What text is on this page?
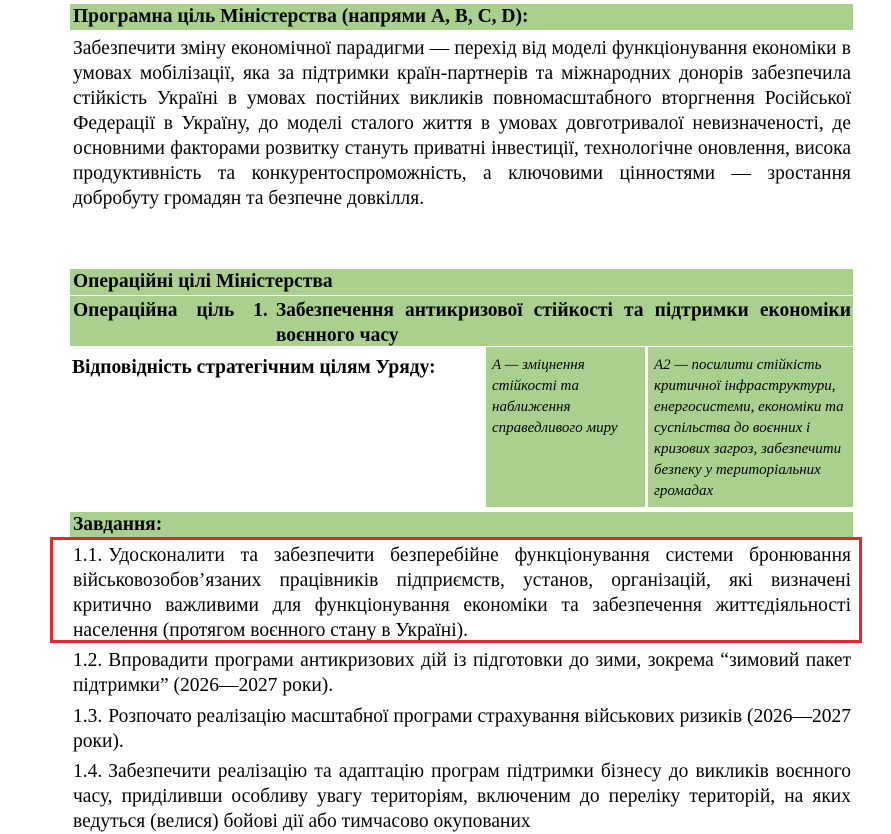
Програмна ціль Міністерства (напрями A, B, C, D):
Забезпечити зміну економічної парадигми — перехід від моделі функціонування економіки в умовах мобілізації, яка за підтримки країн-партнерів та міжнародних донорів забезпечила стійкість Україні в умовах постійних викликів повномасштабного вторгнення Російської Федерації в Україну, до моделі сталого життя в умовах довготривалої невизначеності, де основними факторами розвитку стануть приватні інвестиції, технологічне оновлення, висока продуктивність та конкурентоспроможність, а ключовими цінностями — зростання добробуту громадян та безпечне довкілля.
Операційні цілі Міністерства
Операційна ціль 1. Забезпечення антикризової стійкості та підтримки економіки воєнного часу
Відповідність стратегічним цілям Уряду:	А — зміцнення стійкості та наближення справедливого миру
А2 — посилити стійкість критичної інфраструктури, енергосистеми, економіки та суспільства до воєнних і кризових загроз, забезпечити безпеку у територіальних громадах
Завдання:
1.1. Удосконалити та забезпечити безперебійне функціонування системи бронювання військовозобов’язаних працівників підприємств, установ, організацій, які визначені критично важливими для функціонування економіки та забезпечення життєдіяльності населення (протягом воєнного стану в Україні).
1.2. Впровадити програми антикризових дій із підготовки до зими, зокрема “зимовий пакет підтримки” (2026—2027 роки).
1.3. Розпочато реалізацію масштабної програми страхування військових ризиків (2026—2027 роки).
1.4. Забезпечити реалізацію та адаптацію програм підтримки бізнесу до викликів воєнного часу, приділивши особливу увагу територіям, включеним до переліку територій, на яких ведуться (велися) бойові дії або тимчасово окупованих
